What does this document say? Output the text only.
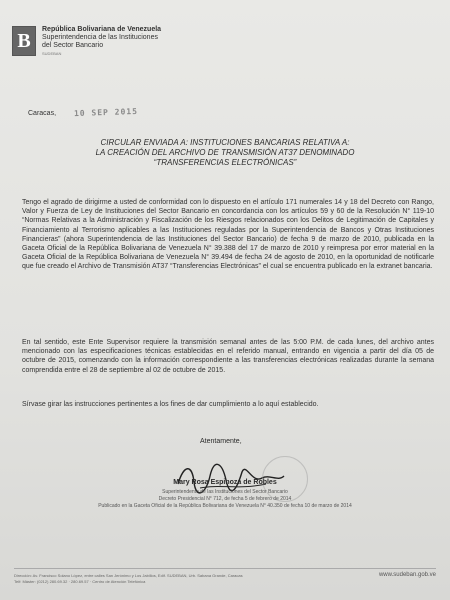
B República Bolivariana de Venezuela
Superintendencia de las Instituciones
del Sector Bancario
SUDEBAN
Caracas, 10 SEP 2015
CIRCULAR ENVIADA A: INSTITUCIONES BANCARIAS RELATIVA A:
LA CREACIÓN DEL ARCHIVO DE TRANSMISIÓN AT37 DENOMINADO
“TRANSFERENCIAS ELECTRÓNICAS”
Tengo el agrado de dirigirme a usted de conformidad con lo dispuesto en el artículo 171 numerales 14 y 18 del Decreto con Rango, Valor y Fuerza de Ley de Instituciones del Sector Bancario en concordancia con los artículos 59 y 60 de la Resolución N° 119-10 “Normas Relativas a la Administración y Fiscalización de los Riesgos relacionados con los Delitos de Legitimación de Capitales y Financiamiento al Terrorismo aplicables a las Instituciones reguladas por la Superintendencia de Bancos y Otras Instituciones Financieras” (ahora Superintendencia de las Instituciones del Sector Bancario) de fecha 9 de marzo de 2010, publicada en la Gaceta Oficial de la República Bolivariana de Venezuela N° 39.388 del 17 de marzo de 2010 y reimpresa por error material en la Gaceta Oficial de la República Bolivariana de Venezuela N° 39.494 de fecha 24 de agosto de 2010, en la oportunidad de notificarle que fue creado el Archivo de Transmisión AT37 “Transferencias Electrónicas” el cual se encuentra publicado en la extranet bancaria.
En tal sentido, este Ente Supervisor requiere la transmisión semanal antes de las 5:00 P.M. de cada lunes, del archivo antes mencionado con las especificaciones técnicas establecidas en el referido manual, entrando en vigencia a partir del día 05 de octubre de 2015, comenzando con la información correspondiente a las transferencias electrónicas realizadas durante la semana comprendida entre el 28 de septiembre al 02 de octubre de 2015.
Sírvase girar las instrucciones pertinentes a los fines de dar cumplimiento a lo aquí establecido.
Atentamente,
Mary Rosa Espinoza de Robles
Superintendente de las Instituciones del Sector Bancario
Decreto Presidencial N° 712, de fecha 5 de febrero de 2014
Publicado en la Gaceta Oficial de la República Bolivariana de Venezuela N° 40.350 de fecha 10 de marzo de 2014
Dirección: Av. Francisco Solano López, entre calles San Jerónimo y Los Jabillos, Edif. SUDEBAN, Urb. Sabana Grande, Caracas
Telf: Máster: (0212) 280.69.32 · 280.69.57 · Centro de Atención Telefónica
www.sudeban.gob.ve
